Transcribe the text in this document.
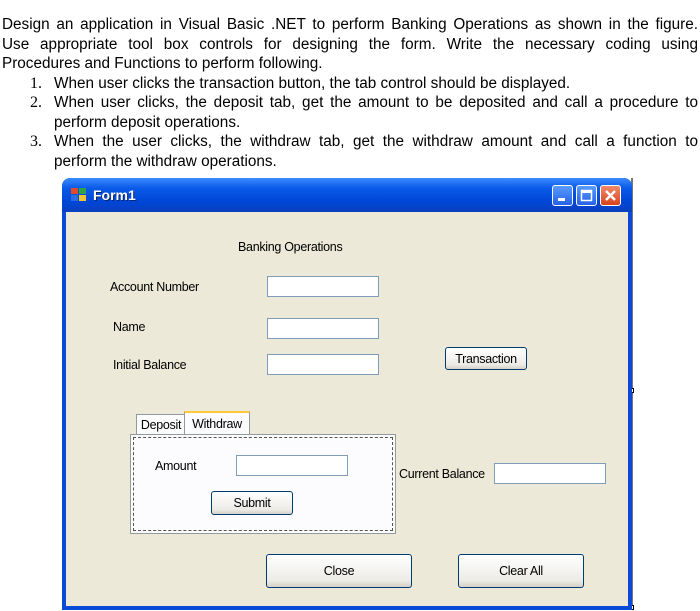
Design an application in Visual Basic .NET to perform Banking Operations as shown in the figure.

Use appropriate tool box controls for designing the form. Write the necessary coding using

Procedures and Functions to perform following.

1. When user clicks the transaction button, the tab control should be displayed.
2. When user clicks, the deposit tab, get the amount to be deposited and call a procedure to
perform deposit operations.
3. When the user clicks, the withdraw tab, get the withdraw amount and call a function to
perform the withdraw operations.
Form1
Banking Operations
Account Number
Name
Initial Balance	Transaction
Amount
Submit
Deposit Withdraw
Current Balance
Close	Clear All
